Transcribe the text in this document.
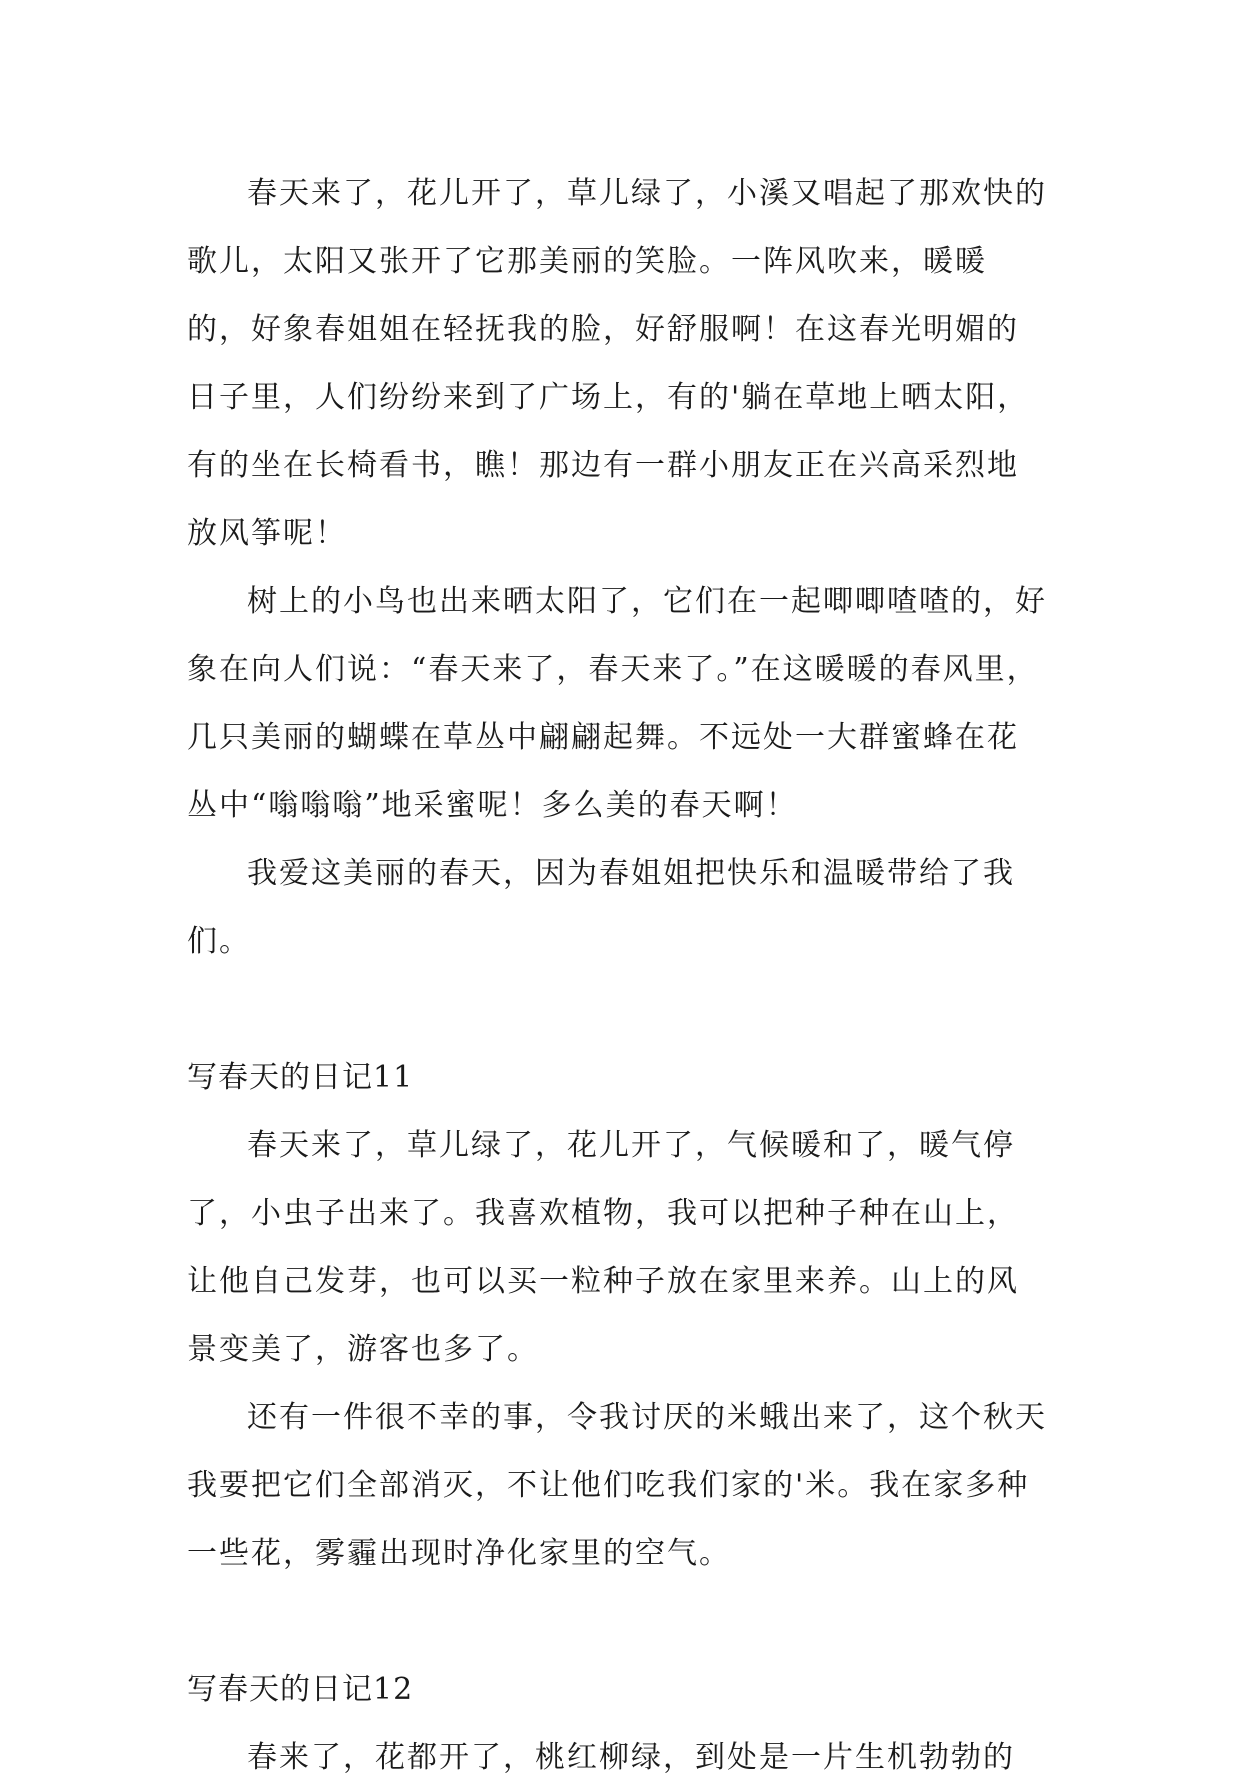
春天来了，花儿开了，草儿绿了，小溪又唱起了那欢快的歌儿，太阳又张开了它那美丽的笑脸。一阵风吹来，暖暖的，好象春姐姐在轻抚我的脸，好舒服啊！在这春光明媚的日子里，人们纷纷来到了广场上，有的'躺在草地上晒太阳，有的坐在长椅看书，瞧！那边有一群小朋友正在兴高采烈地放风筝呢！

树上的小鸟也出来晒太阳了，它们在一起唧唧喳喳的，好象在向人们说：“春天来了，春天来了。”在这暖暖的春风里，几只美丽的蝴蝶在草丛中翩翩起舞。不远处一大群蜜蜂在花丛中“嗡嗡嗡”地采蜜呢！多么美的春天啊！

我爱这美丽的春天，因为春姐姐把快乐和温暖带给了我们。

写春天的日记11

春天来了，草儿绿了，花儿开了，气候暖和了，暖气停了，小虫子出来了。我喜欢植物，我可以把种子种在山上，让他自己发芽，也可以买一粒种子放在家里来养。山上的风景变美了，游客也多了。

还有一件很不幸的事，令我讨厌的米蛾出来了，这个秋天我要把它们全部消灭，不让他们吃我们家的'米。我在家多种一些花，雾霾出现时净化家里的空气。

写春天的日记12

春来了，花都开了，桃红柳绿，到处是一片生机勃勃的
